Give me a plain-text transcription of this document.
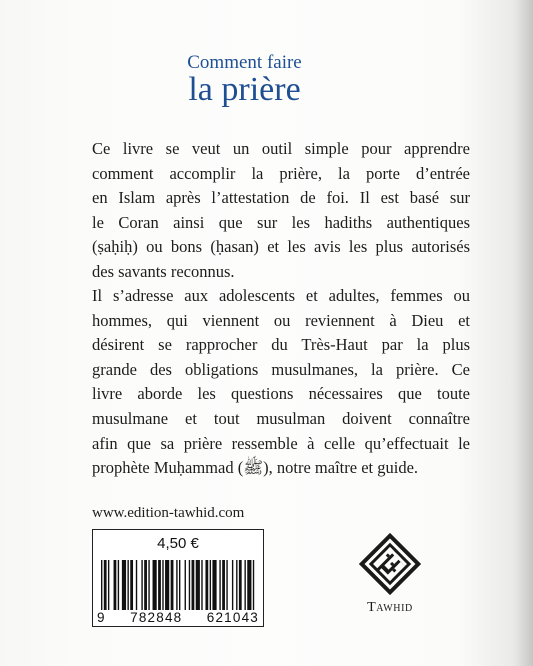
Comment faire
la prière
Ce livre se veut un outil simple pour apprendre
comment accomplir la prière, la porte d’entrée
en Islam après l’attestation de foi. Il est basé sur
le Coran ainsi que sur les hadiths authentiques
(ṣaḥiḥ) ou bons (ḥasan) et les avis les plus autorisés
des savants reconnus.
Il s’adresse aux adolescents et adultes, femmes ou
hommes, qui viennent ou reviennent à Dieu et
désirent se rapprocher du Très-Haut par la plus
grande des obligations musulmanes, la prière. Ce
livre aborde les questions nécessaires que toute
musulmane et tout musulman doivent connaître
afin que sa prière ressemble à celle qu’effectuait le
prophète Muḥammad (ﷺ), notre maître et guide.
www.edition-tawhid.com
4,50 €
9 782848 621043
Tawhid
